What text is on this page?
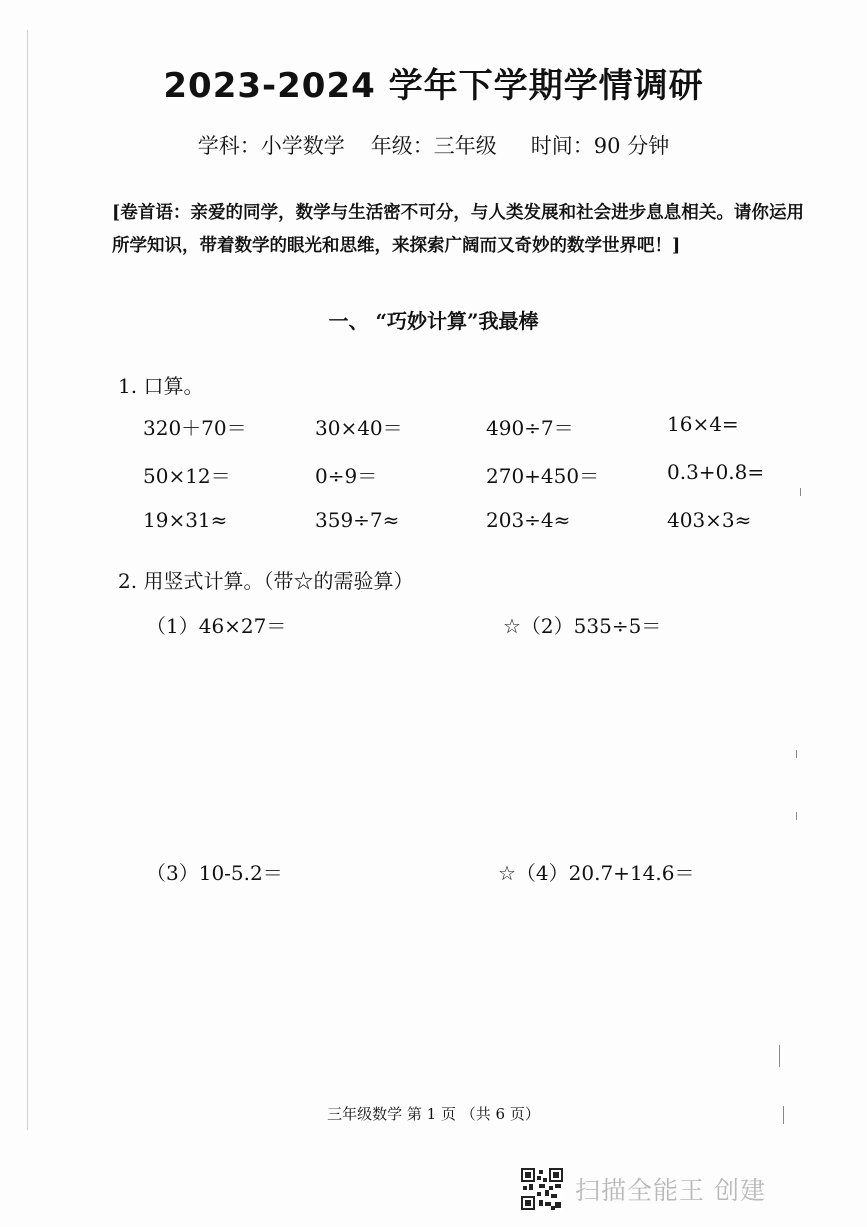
2023-2024 学年下学期学情调研
学科：小学数学 年级：三年级 时间：90 分钟
[卷首语：亲爱的同学，数学与生活密不可分，与人类发展和社会进步息息相关。请你运用所学知识，带着数学的眼光和思维，来探索广阔而又奇妙的数学世界吧！]
一、 “巧妙计算”我最棒
1. 口算。
320＋70＝	30×40＝	490÷7＝	16×4=
50×12＝	0÷9＝	270+450＝	0.3+0.8=
19×31≈	359÷7≈	203÷4≈	403×3≈
2. 用竖式计算。（带☆的需验算）
（1）46×27＝	☆（2）535÷5＝
（3）10-5.2＝	☆（4）20.7+14.6＝
三年级数学 第 1 页 （共 6 页）
扫描全能王 创建
